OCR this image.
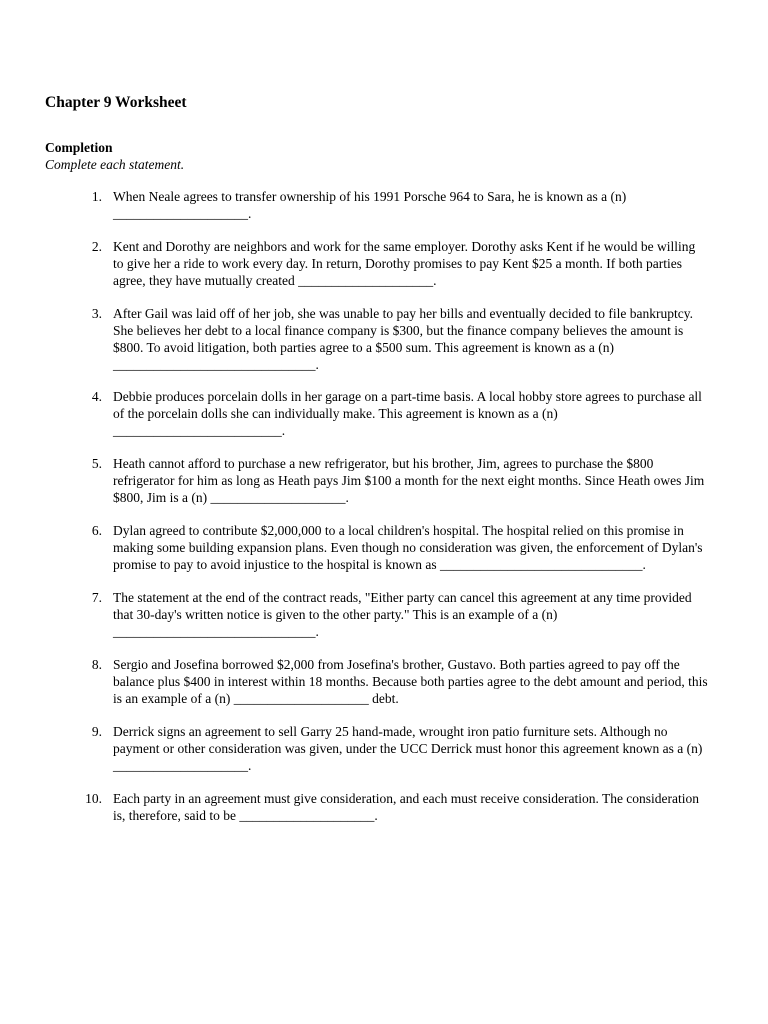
Chapter 9 Worksheet
Completion
Complete each statement.
1. When Neale agrees to transfer ownership of his 1991 Porsche 964 to Sara, he is known as a (n)
____________________.
2. Kent and Dorothy are neighbors and work for the same employer. Dorothy asks Kent if he would be willing
to give her a ride to work every day. In return, Dorothy promises to pay Kent $25 a month. If both parties
agree, they have mutually created ____________________.
3. After Gail was laid off of her job, she was unable to pay her bills and eventually decided to file bankruptcy.
She believes her debt to a local finance company is $300, but the finance company believes the amount is
$800. To avoid litigation, both parties agree to a $500 sum. This agreement is known as a (n)
______________________________.
4. Debbie produces porcelain dolls in her garage on a part-time basis. A local hobby store agrees to purchase all
of the porcelain dolls she can individually make. This agreement is known as a (n)
_________________________.
5. Heath cannot afford to purchase a new refrigerator, but his brother, Jim, agrees to purchase the $800
refrigerator for him as long as Heath pays Jim $100 a month for the next eight months. Since Heath owes Jim
$800, Jim is a (n) ____________________.
6. Dylan agreed to contribute $2,000,000 to a local children's hospital. The hospital relied on this promise in
making some building expansion plans. Even though no consideration was given, the enforcement of Dylan's
promise to pay to avoid injustice to the hospital is known as ______________________________.
7. The statement at the end of the contract reads, "Either party can cancel this agreement at any time provided
that 30-day's written notice is given to the other party." This is an example of a (n)
______________________________.
8. Sergio and Josefina borrowed $2,000 from Josefina's brother, Gustavo. Both parties agreed to pay off the
balance plus $400 in interest within 18 months. Because both parties agree to the debt amount and period, this
is an example of a (n) ____________________ debt.
9. Derrick signs an agreement to sell Garry 25 hand-made, wrought iron patio furniture sets. Although no
payment or other consideration was given, under the UCC Derrick must honor this agreement known as a (n)
____________________.
10. Each party in an agreement must give consideration, and each must receive consideration. The consideration
is, therefore, said to be ____________________.
